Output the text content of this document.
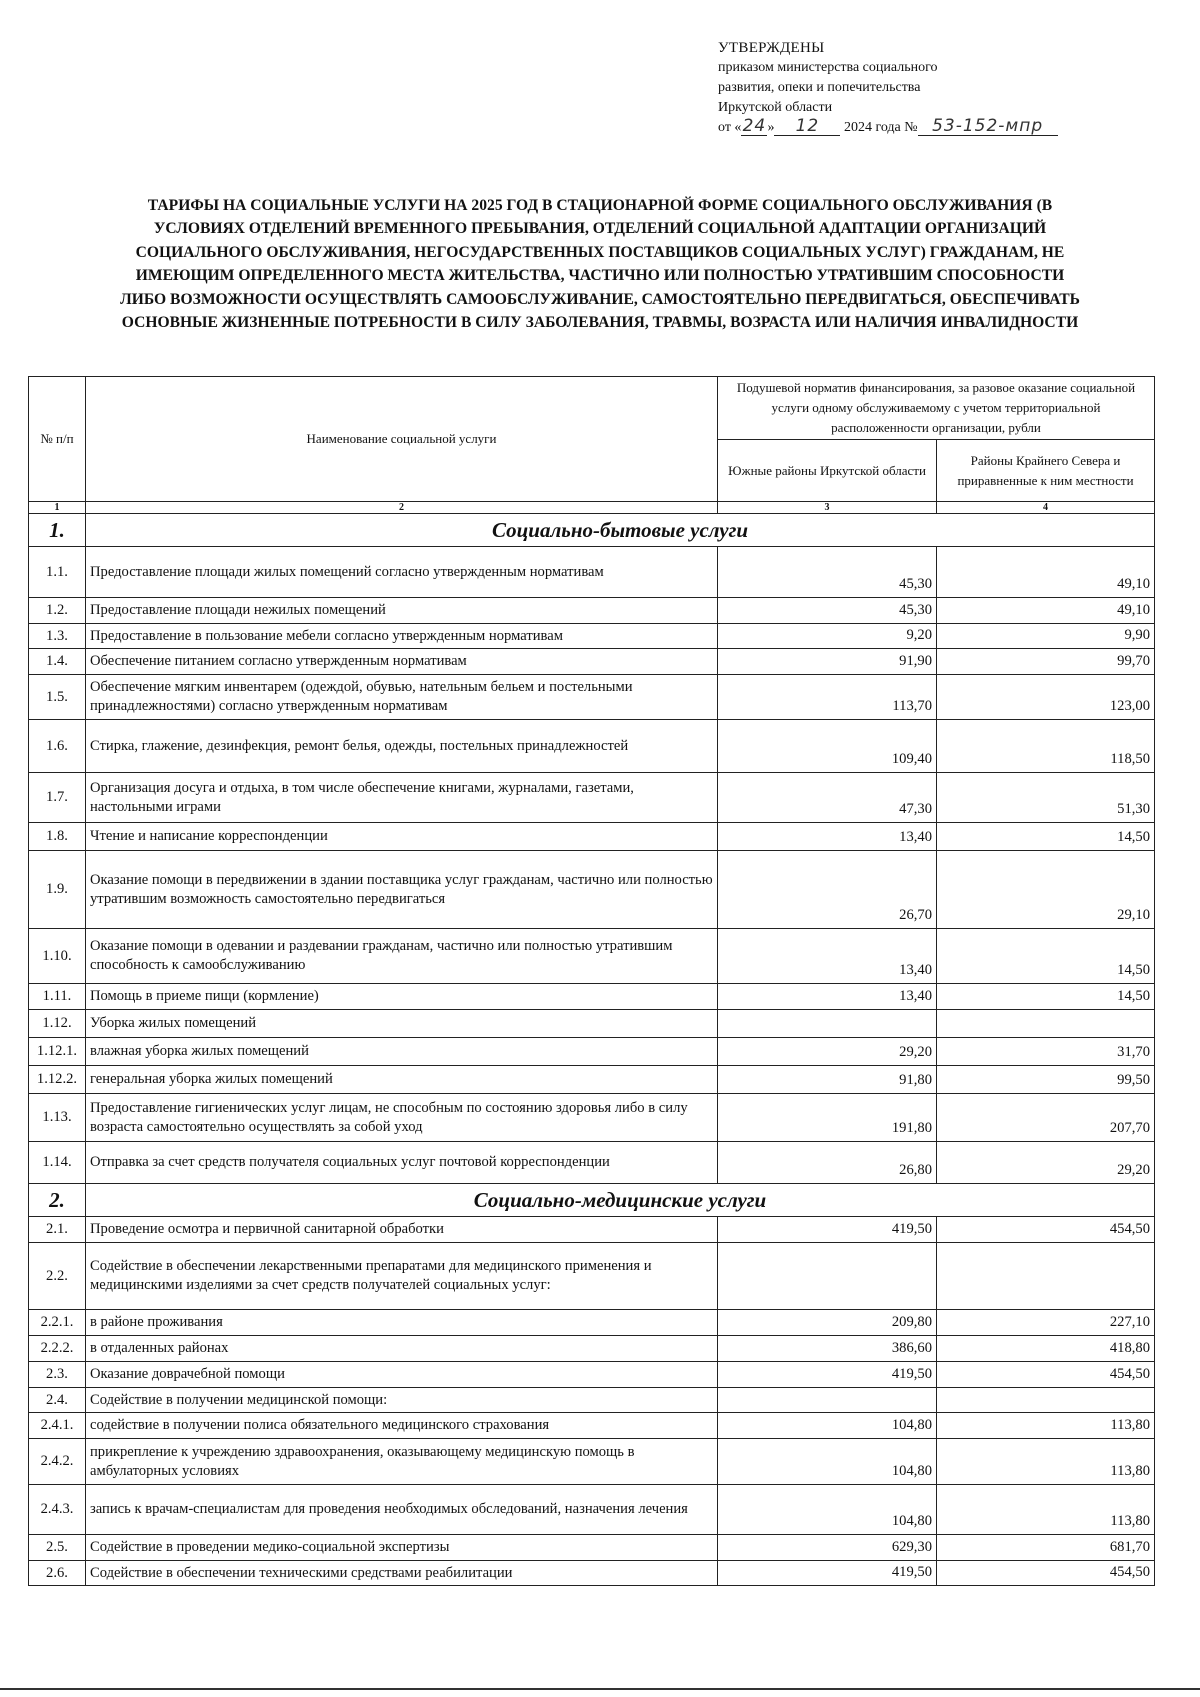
УТВЕРЖДЕНЫ
приказом министерства социального
развития, опеки и попечительства
Иркутской области
от «24» 12 2024 года № 53-152-мпр
ТАРИФЫ НА СОЦИАЛЬНЫЕ УСЛУГИ НА 2025 ГОД В СТАЦИОНАРНОЙ ФОРМЕ СОЦИАЛЬНОГО ОБСЛУЖИВАНИЯ (В
УСЛОВИЯХ ОТДЕЛЕНИЙ ВРЕМЕННОГО ПРЕБЫВАНИЯ, ОТДЕЛЕНИЙ СОЦИАЛЬНОЙ АДАПТАЦИИ ОРГАНИЗАЦИЙ
СОЦИАЛЬНОГО ОБСЛУЖИВАНИЯ, НЕГОСУДАРСТВЕННЫХ ПОСТАВЩИКОВ СОЦИАЛЬНЫХ УСЛУГ) ГРАЖДАНАМ, НЕ
ИМЕЮЩИМ ОПРЕДЕЛЕННОГО МЕСТА ЖИТЕЛЬСТВА, ЧАСТИЧНО ИЛИ ПОЛНОСТЬЮ УТРАТИВШИМ СПОСОБНОСТИ
ЛИБО ВОЗМОЖНОСТИ ОСУЩЕСТВЛЯТЬ САМООБСЛУЖИВАНИЕ, САМОСТОЯТЕЛЬНО ПЕРЕДВИГАТЬСЯ, ОБЕСПЕЧИВАТЬ
ОСНОВНЫЕ ЖИЗНЕННЫЕ ПОТРЕБНОСТИ В СИЛУ ЗАБОЛЕВАНИЯ, ТРАВМЫ, ВОЗРАСТА ИЛИ НАЛИЧИЯ ИНВАЛИДНОСТИ
№ п/п	Наименование социальной услуги	Подушевой норматив финансирования, за разовое оказание социальной услуги одному обслуживаемому с учетом территориальной расположенности организации, рубли	
		Южные районы Иркутской области	Районы Крайнего Севера и приравненные к ним местности
1	2	3	4
1.	Социально-бытовые услуги		
1.1.	Предоставление площади жилых помещений согласно утвержденным нормативам	45,30	49,10
1.2.	Предоставление площади нежилых помещений	45,30	49,10
1.3.	Предоставление в пользование мебели согласно утвержденным нормативам	9,20	9,90
1.4.	Обеспечение питанием согласно утвержденным нормативам	91,90	99,70
1.5.	Обеспечение мягким инвентарем (одеждой, обувью, нательным бельем и постельными принадлежностями) согласно утвержденным нормативам	113,70	123,00
1.6.	Стирка, глажение, дезинфекция, ремонт белья, одежды, постельных принадлежностей	109,40	118,50
1.7.	Организация досуга и отдыха, в том числе обеспечение книгами, журналами, газетами, настольными играми	47,30	51,30
1.8.	Чтение и написание корреспонденции	13,40	14,50
1.9.	Оказание помощи в передвижении в здании поставщика услуг гражданам, частично или полностью утратившим возможность самостоятельно передвигаться	26,70	29,10
1.10.	Оказание помощи в одевании и раздевании гражданам, частично или полностью утратившим способность к самообслуживанию	13,40	14,50
1.11.	Помощь в приеме пищи (кормление)	13,40	14,50
1.12.	Уборка жилых помещений		
1.12.1.	влажная уборка жилых помещений	29,20	31,70
1.12.2.	генеральная уборка жилых помещений	91,80	99,50
1.13.	Предоставление гигиенических услуг лицам, не способным по состоянию здоровья либо в силу возраста самостоятельно осуществлять за собой уход	191,80	207,70
1.14.	Отправка за счет средств получателя социальных услуг почтовой корреспонденции	26,80	29,20
2.	Социально-медицинские услуги		
2.1.	Проведение осмотра и первичной санитарной обработки	419,50	454,50
2.2.	Содействие в обеспечении лекарственными препаратами для медицинского применения и медицинскими изделиями за счет средств получателей социальных услуг:		
2.2.1.	в районе проживания	209,80	227,10
2.2.2.	в отдаленных районах	386,60	418,80
2.3.	Оказание доврачебной помощи	419,50	454,50
2.4.	Содействие в получении медицинской помощи:		
2.4.1.	содействие в получении полиса обязательного медицинского страхования	104,80	113,80
2.4.2.	прикрепление к учреждению здравоохранения, оказывающему медицинскую помощь в амбулаторных условиях	104,80	113,80
2.4.3.	запись к врачам-специалистам для проведения необходимых обследований, назначения лечения	104,80	113,80
2.5.	Содействие в проведении медико-социальной экспертизы	629,30	681,70
2.6.	Содействие в обеспечении техническими средствами реабилитации	419,50	454,50
